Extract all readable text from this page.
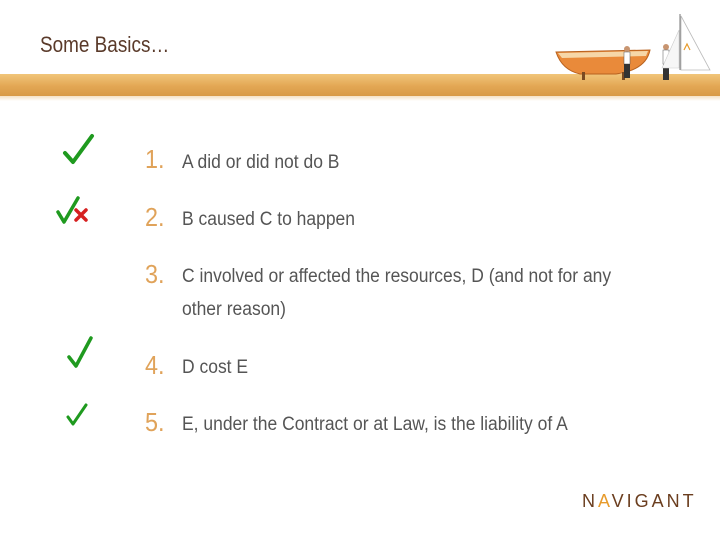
Some Basics…
1. A did or did not do B
2. B caused C to happen
3. C involved or affected the resources, D (and not for any other reason)
4. D cost E
5. E, under the Contract or at Law, is the liability of A
NAVIGANT
